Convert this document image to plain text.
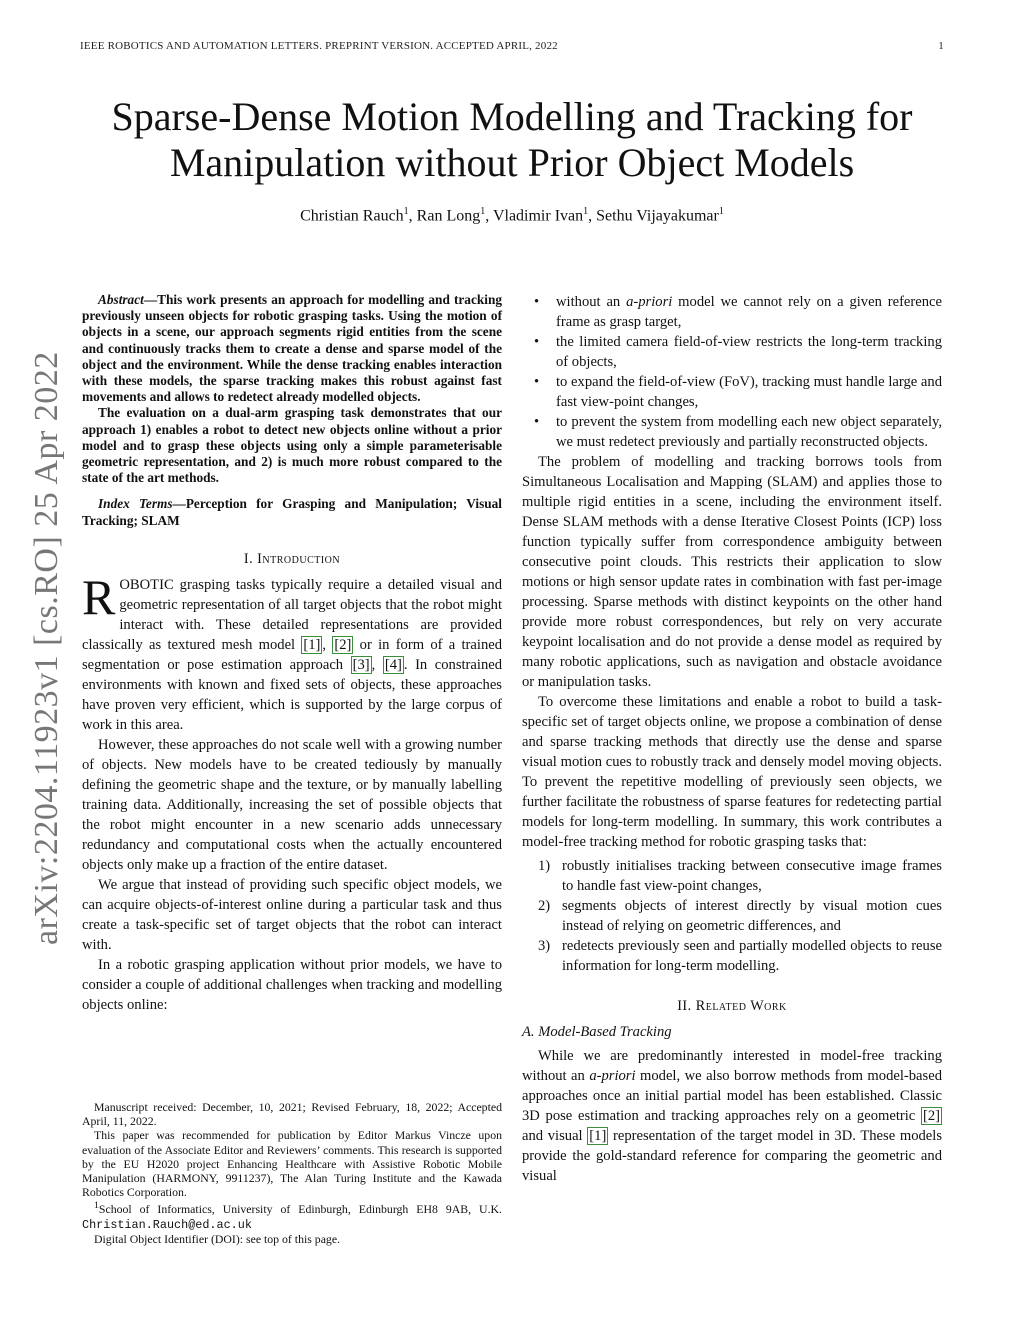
IEEE ROBOTICS AND AUTOMATION LETTERS. PREPRINT VERSION. ACCEPTED APRIL, 2022	1
Sparse-Dense Motion Modelling and Tracking for
Manipulation without Prior Object Models
Christian Rauch$^1$, Ran Long$^1$, Vladimir Ivan$^1$, Sethu Vijayakumar$^1$
arXiv:2204.11923v1 [cs.RO] 25 Apr 2022

Abstract—This work presents an approach for modelling and tracking previously unseen objects for robotic grasping tasks. Using the motion of objects in a scene, our approach segments rigid entities from the scene and continuously tracks them to create a dense and sparse model of the object and the environment. While the dense tracking enables interaction with these models, the sparse tracking makes this robust against fast movements and allows to redetect already modelled objects.

The evaluation on a dual-arm grasping task demonstrates that our approach 1) enables a robot to detect new objects online without a prior model and to grasp these objects using only a simple parameterisable geometric representation, and 2) is much more robust compared to the state of the art methods.

Index Terms—Perception for Grasping and Manipulation; Visual Tracking; SLAM
I. Introduction

ROBOTIC grasping tasks typically require a detailed visual and geometric representation of all target objects that the robot might interact with. These detailed representations are provided classically as textured mesh model [1] , [2] or in form of a trained segmentation or pose estimation approach [3] , [4] . In constrained environments with known and fixed sets of objects, these approaches have proven very efficient, which is supported by the large corpus of work in this area.

However, these approaches do not scale well with a growing number of objects. New models have to be created tediously by manually defining the geometric shape and the texture, or by manually labelling training data. Additionally, increasing the set of possible objects that the robot might encounter in a new scenario adds unnecessary redundancy and computational costs when the actually encountered objects only make up a fraction of the entire dataset.

We argue that instead of providing such specific object models, we can acquire objects-of-interest online during a particular task and thus create a task-specific set of target objects that the robot can interact with.

In a robotic grasping application without prior models, we have to consider a couple of additional challenges when tracking and modelling objects online:

Manuscript received: December, 10, 2021; Revised February, 18, 2022; Accepted April, 11, 2022.

This paper was recommended for publication by Editor Markus Vincze upon evaluation of the Associate Editor and Reviewers’ comments. This research is supported by the EU H2020 project Enhancing Healthcare with Assistive Robotic Mobile Manipulation (HARMONY, 9911237), The Alan Turing Institute and the Kawada Robotics Corporation.

$^1$School of Informatics, University of Edinburgh, Edinburgh EH8 9AB, U.K. Christian.Rauch@ed.ac.uk

Digital Object Identifier (DOI): see top of this page.

• without an a-priori model we cannot rely on a given reference frame as grasp target,
• the limited camera field-of-view restricts the long-term tracking of objects,
• to expand the field-of-view (FoV), tracking must handle large and fast view-point changes,
• to prevent the system from modelling each new object separately, we must redetect previously and partially reconstructed objects.

The problem of modelling and tracking borrows tools from Simultaneous Localisation and Mapping (SLAM) and applies those to multiple rigid entities in a scene, including the environment itself. Dense SLAM methods with a dense Iterative Closest Points (ICP) loss function typically suffer from correspondence ambiguity between consecutive point clouds. This restricts their application to slow motions or high sensor update rates in combination with fast per-image processing. Sparse methods with distinct keypoints on the other hand provide more robust correspondences, but rely on very accurate keypoint localisation and do not provide a dense model as required by many robotic applications, such as navigation and obstacle avoidance or manipulation tasks.

To overcome these limitations and enable a robot to build a task-specific set of target objects online, we propose a combination of dense and sparse tracking methods that directly use the dense and sparse visual motion cues to robustly track and densely model moving objects. To prevent the repetitive modelling of previously seen objects, we further facilitate the robustness of sparse features for redetecting partial models for long-term modelling. In summary, this work contributes a model-free tracking method for robotic grasping tasks that:

1) robustly initialises tracking between consecutive image frames to handle fast view-point changes,
2) segments objects of interest directly by visual motion cues instead of relying on geometric differences, and
3) redetects previously seen and partially modelled objects to reuse information for long-term modelling.
II. Related Work
A. Model-Based Tracking

While we are predominantly interested in model-free tracking without an a-priori model, we also borrow methods from model-based approaches once an initial partial model has been established. Classic 3D pose estimation and tracking approaches rely on a geometric [2] and visual [1] representation of the target model in 3D. These models provide the gold-standard reference for comparing the geometric and visual
